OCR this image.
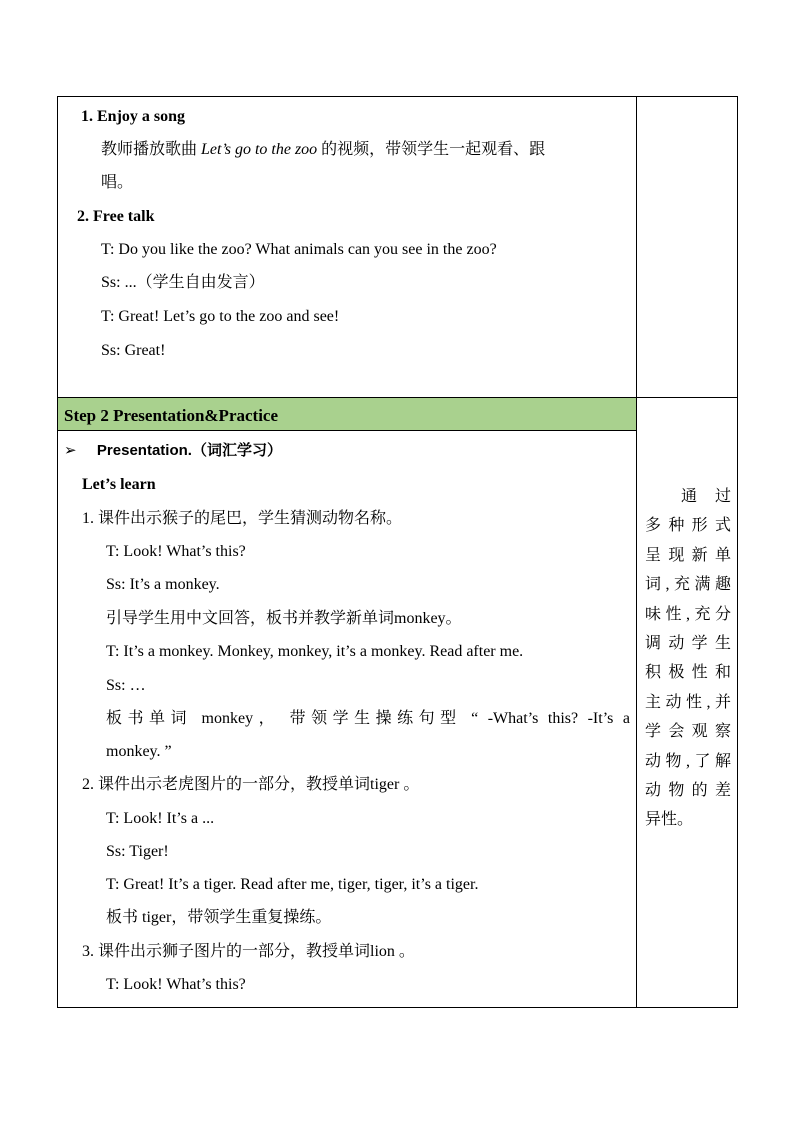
Step 2 Presentation&Practice
1. Enjoy a song
教师播放歌曲 Let’s go to the zoo 的视频，带领学生一起观看、跟
唱。
2. Free talk
T: Do you like the zoo? What animals can you see in the zoo?
Ss: ...（学生自由发言）
T: Great! Let’s go to the zoo and see!
Ss: Great!
➢ Presentation.（词汇学习）
Let’s learn
1. 课件出示猴子的尾巴，学生猜测动物名称。
T: Look! What’s this?
Ss: It’s a monkey.
引导学生用中文回答，板书并教学新单词monkey。
T: It’s a monkey. Monkey, monkey, it’s a monkey. Read after me.
Ss: …
板书单词 monkey， 带领学生操练句型 “ -What’s this? -It’s a
monkey. ”
2. 课件出示老虎图片的一部分，教授单词tiger 。
T: Look! It’s a ...
Ss: Tiger!
T: Great! It’s a tiger. Read after me, tiger, tiger, it’s a tiger.
板书 tiger，带领学生重复操练。
3. 课件出示狮子图片的一部分，教授单词lion 。
T: Look! What’s this?
通 过
多种形式
呈现新单
词,充满趣
味性,充分
调动学生
积极性和
主动性,并
学会观察
动物,了解
动物的差
异性。
